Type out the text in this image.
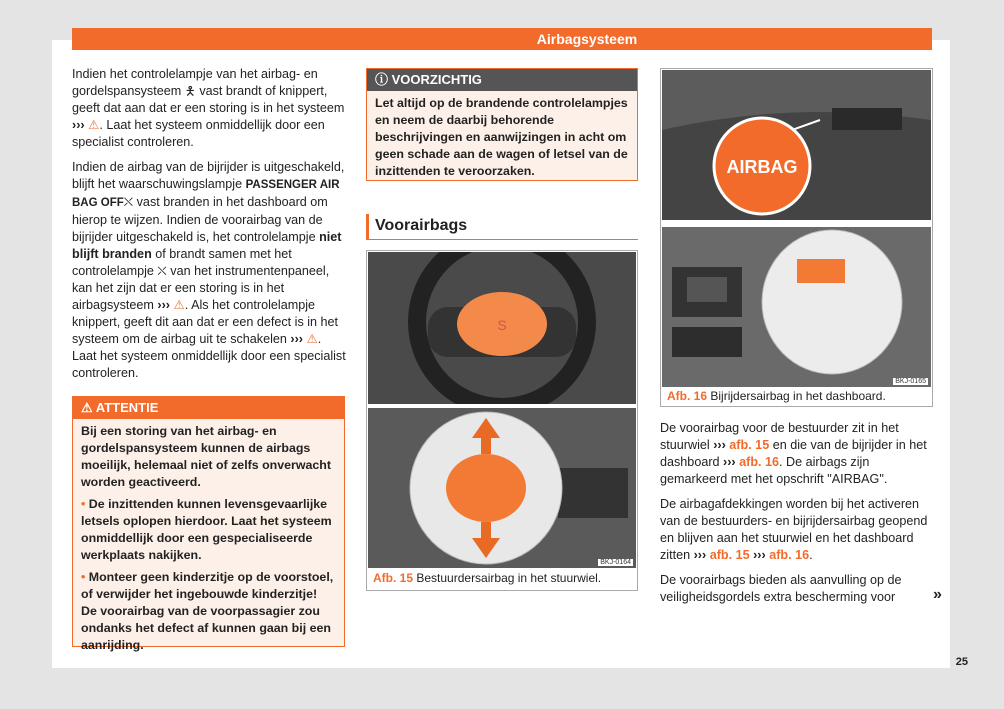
Airbagsysteem

Indien het controlelampje van het airbag- en gordelspansysteem 🯅 vast brandt of knippert, geeft dat aan dat er een storing is in het systeem ››› ⚠. Laat het systeem onmiddellijk door een specialist controleren.

Indien de airbag van de bijrijder is uitgeschakeld, blijft het waarschuwingslampje PASSENGER AIR BAG OFF⛌ vast branden in het dashboard om hierop te wijzen. Indien de voorairbag van de bijrijder uitgeschakeld is, het controlelampje niet blijft branden of brandt samen met het controlelampje ⛌ van het instrumentenpaneel, kan het zijn dat er een storing is in het airbagsysteem ››› ⚠. Als het controlelampje knippert, geeft dit aan dat er een defect is in het systeem om de airbag uit te schakelen ››› ⚠. Laat het systeem onmiddellijk door een specialist controleren.

⚠ ATTENTIE

Bij een storing van het airbag- en gordelspansysteem kunnen de airbags moeilijk, helemaal niet of zelfs onverwacht worden geactiveerd.

• De inzittenden kunnen levensgevaarlijke letsels oplopen hierdoor. Laat het systeem onmiddellijk door een gespecialiseerde werkplaats nakijken.

• Monteer geen kinderzitje op de voorstoel, of verwijder het ingebouwde kinderzitje! De voorairbag van de voorpassagier zou ondanks het defect af kunnen gaan bij een aanrijding.

ⓘ VOORZICHTIG
Let altijd op de brandende controlelampjes en neem de daarbij behorende beschrijvingen en aanwijzingen in acht om geen schade aan de wagen of letsel van de inzittenden te veroorzaken.
Voorairbags
S
BKJ-0164
Afb. 15 Bestuurdersairbag in het stuurwiel.
AIRBAG
BKJ-0165
Afb. 16 Bijrijdersairbag in het dashboard.

De voorairbag voor de bestuurder zit in het stuurwiel ››› afb. 15 en die van de bijrijder in het dashboard ››› afb. 16. De airbags zijn gemarkeerd met het opschrift "AIRBAG".

De airbagafdekkingen worden bij het activeren van de bestuurders- en bijrijdersairbag geopend en blijven aan het stuurwiel en het dashboard zitten ››› afb. 15 ››› afb. 16.

De voorairbags bieden als aanvulling op de veiligheidsgordels extra bescherming voor	»
25
